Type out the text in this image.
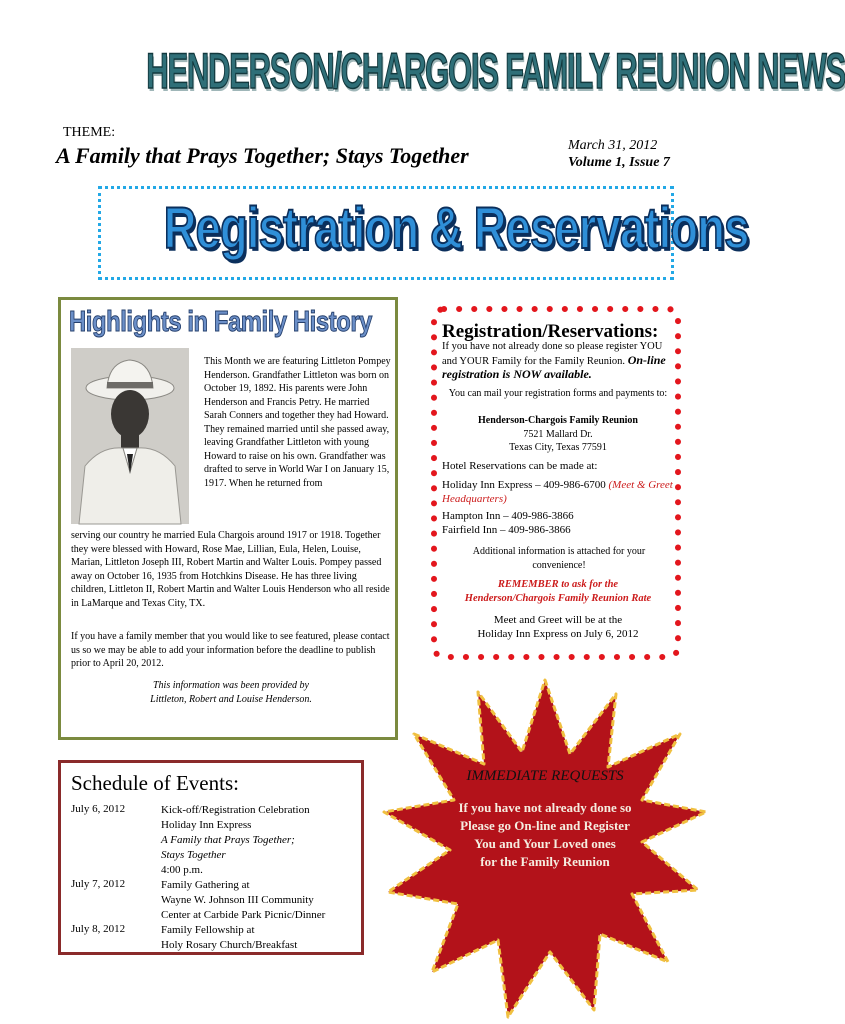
HENDERSON/CHARGOIS FAMILY REUNION NEWS
THEME:
A Family that Prays Together; Stays Together	March 31, 2012
Volume 1, Issue 7
Registration & Reservations
Highlights in Family History
This Month we are featuring Littleton Pompey Henderson. Grandfather Littleton was born on October 19, 1892. His parents were John Henderson and Francis Petry. He married Sarah Conners and together they had Howard. They remained married until she passed away, leaving Grandfather Littleton with young Howard to raise on his own. Grandfather was drafted to serve in World War I on January 15, 1917. When he returned from
serving our country he married Eula Chargois around 1917 or 1918. Together they were blessed with Howard, Rose Mae, Lillian, Eula, Helen, Louise, Marian, Littleton Joseph III, Robert Martin and Walter Louis. Pompey passed away on October 16, 1935 from Hotchkins Disease. He has three living children, Littleton II, Robert Martin and Walter Louis Henderson who all reside in LaMarque and Texas City, TX.
If you have a family member that you would like to see featured, please contact us so we may be able to add your information before the deadline to publish prior to April 20, 2012.
This information was been provided by
Littleton, Robert and Louise Henderson.
Registration/Reservations:
If you have not already done so please register YOU and YOUR Family for the Family Reunion. On-line registration is NOW available.
You can mail your registration forms and payments to:
Henderson-Chargois Family Reunion
7521 Mallard Dr.
Texas City, Texas 77591
Hotel Reservations can be made at:
Holiday Inn Express – 409-986-6700 (Meet & Greet Headquarters)
Hampton Inn – 409-986-3866
Fairfield Inn – 409-986-3866
Additional information is attached for your convenience!
REMEMBER to ask for the
Henderson/Chargois Family Reunion Rate
Meet and Greet will be at the
Holiday Inn Express on July 6, 2012
Schedule of Events:
July 6, 2012	Kick-off/Registration Celebration
Holiday Inn Express
A Family that Prays Together;
Stays Together
4:00 p.m.
July 7, 2012	Family Gathering at
Wayne W. Johnson III Community
Center at Carbide Park Picnic/Dinner
July 8, 2012	Family Fellowship at
Holy Rosary Church/Breakfast
IMMEDIATE REQUESTS
If you have not already done so
Please go On-line and Register
You and Your Loved ones
for the Family Reunion
